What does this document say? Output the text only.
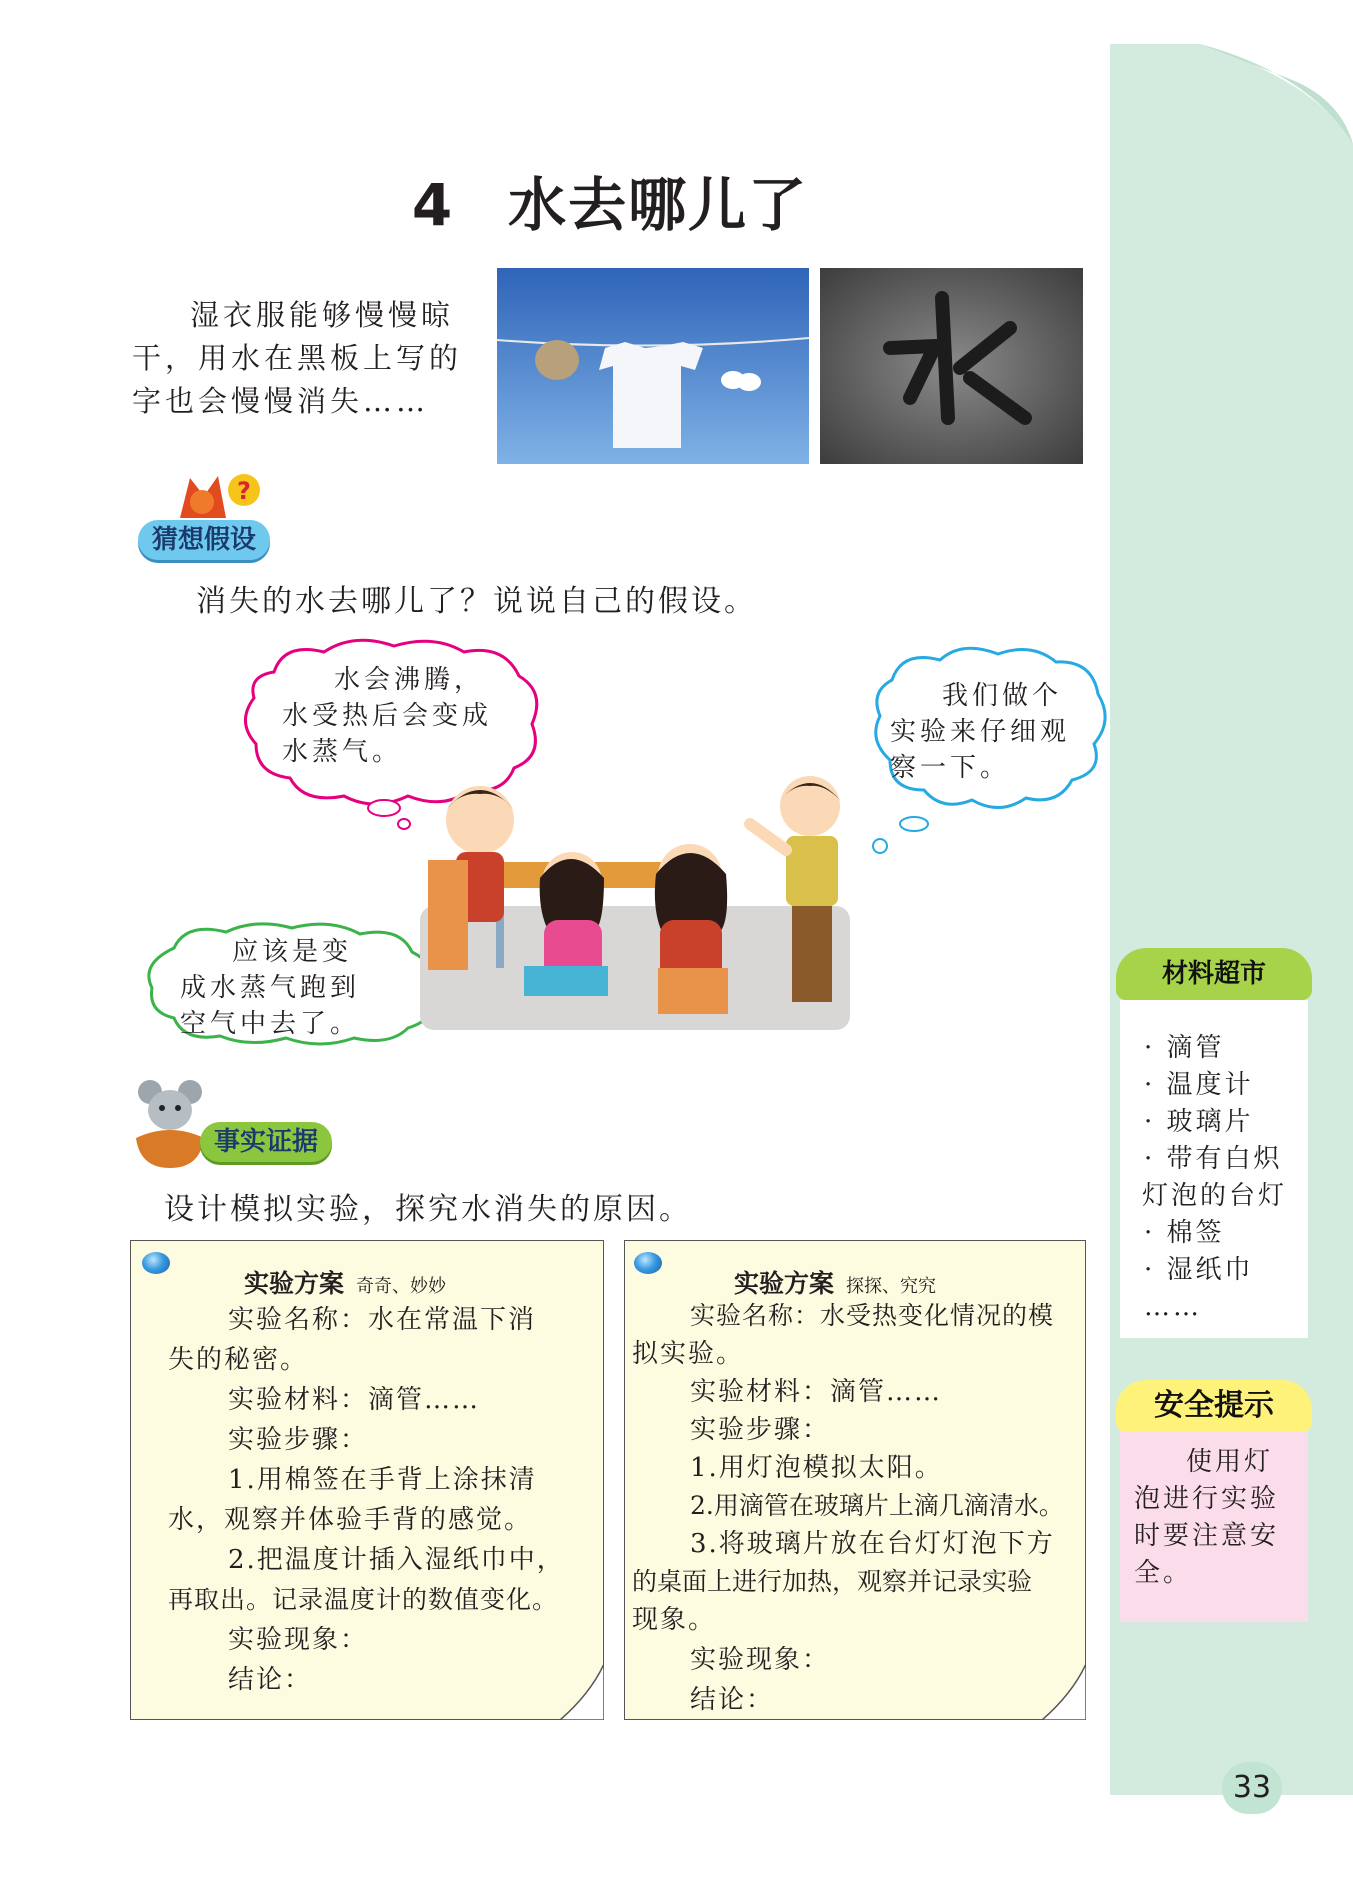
4 水去哪儿了
湿衣服能够慢慢晾干，用水在黑板上写的字也会慢慢消失……
?
猜想假设
消失的水去哪儿了？说说自己的假设。
水会沸腾，
水受热后会变成
水蒸气。
我们做个
实验来仔细观
察一下。
应该是变
成水蒸气跑到
空气中去了。
事实证据
设计模拟实验，探究水消失的原因。
实验方案 奇奇、妙妙
实验名称：水在常温下消
失的秘密。
实验材料：滴管……
实验步骤：
1.用棉签在手背上涂抹清
水，观察并体验手背的感觉。
2.把温度计插入湿纸巾中，
再取出。记录温度计的数值变化。
实验现象：
结论：
实验方案 探探、究究
实验名称：水受热变化情况的模
拟实验。
实验材料：滴管……
实验步骤：
1.用灯泡模拟太阳。
2.用滴管在玻璃片上滴几滴清水。
3.将玻璃片放在台灯灯泡下方
的桌面上进行加热，观察并记录实验
现象。
实验现象：
结论：
材料超市
· 滴管
· 温度计
· 玻璃片
· 带有白炽
灯泡的台灯
· 棉签
· 湿纸巾
……
安全提示
使用灯
泡进行实验
时要注意安
全。
33
